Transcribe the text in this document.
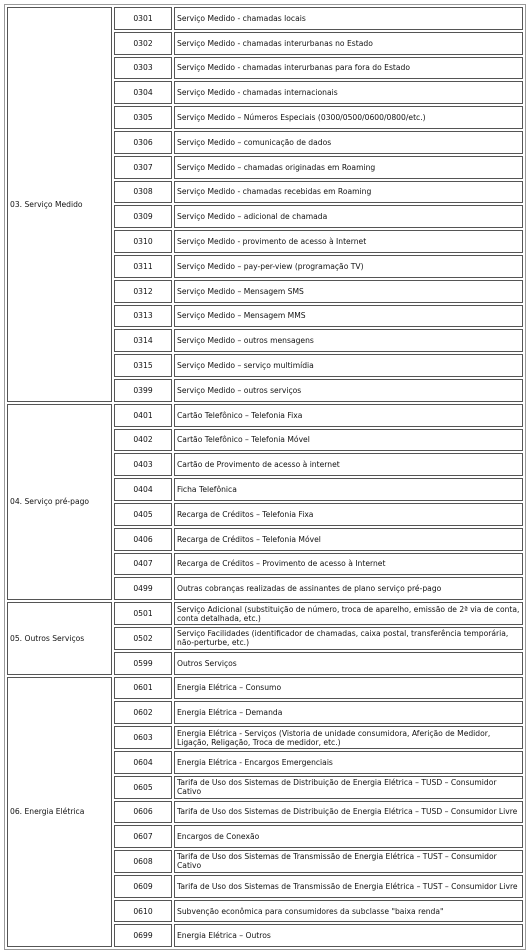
03. Serviço Medido	0301	Serviço Medido - chamadas locais
	0302	Serviço Medido - chamadas interurbanas no Estado
	0303	Serviço Medido - chamadas interurbanas para fora do Estado
	0304	Serviço Medido - chamadas internacionais
	0305	Serviço Medido – Números Especiais (0300/0500/0600/0800/etc.)
	0306	Serviço Medido – comunicação de dados
	0307	Serviço Medido – chamadas originadas em Roaming
	0308	Serviço Medido - chamadas recebidas em Roaming
	0309	Serviço Medido – adicional de chamada
	0310	Serviço Medido - provimento de acesso à Internet
	0311	Serviço Medido – pay-per-view (programação TV)
	0312	Serviço Medido – Mensagem SMS
	0313	Serviço Medido – Mensagem MMS
	0314	Serviço Medido – outros mensagens
	0315	Serviço Medido – serviço multimídia
	0399	Serviço Medido – outros serviços
04. Serviço pré-pago	0401	Cartão Telefônico – Telefonia Fixa
	0402	Cartão Telefônico – Telefonia Móvel
	0403	Cartão de Provimento de acesso à internet
	0404	Ficha Telefônica
	0405	Recarga de Créditos – Telefonia Fixa
	0406	Recarga de Créditos – Telefonia Móvel
	0407	Recarga de Créditos – Provimento de acesso à Internet
	0499	Outras cobranças realizadas de assinantes de plano serviço pré-pago
05. Outros Serviços	0501	Serviço Adicional (substituição de número, troca de aparelho, emissão de 2ª via de conta, conta detalhada, etc.)
	0502	Serviço Facilidades (identificador de chamadas, caixa postal, transferência temporária, não-perturbe, etc.)
	0599	Outros Serviços
06. Energia Elétrica	0601	Energia Elétrica – Consumo
	0602	Energia Elétrica – Demanda
	0603	Energia Elétrica - Serviços (Vistoria de unidade consumidora, Aferição de Medidor, Ligação, Religação, Troca de medidor, etc.)
	0604	Energia Elétrica - Encargos Emergenciais
	0605	Tarifa de Uso dos Sistemas de Distribuição de Energia Elétrica – TUSD – Consumidor Cativo
	0606	Tarifa de Uso dos Sistemas de Distribuição de Energia Elétrica – TUSD – Consumidor Livre
	0607	Encargos de Conexão
	0608	Tarifa de Uso dos Sistemas de Transmissão de Energia Elétrica – TUST – Consumidor Cativo
	0609	Tarifa de Uso dos Sistemas de Transmissão de Energia Elétrica – TUST – Consumidor Livre
	0610	Subvenção econômica para consumidores da subclasse "baixa renda"
	0699	Energia Elétrica – Outros
